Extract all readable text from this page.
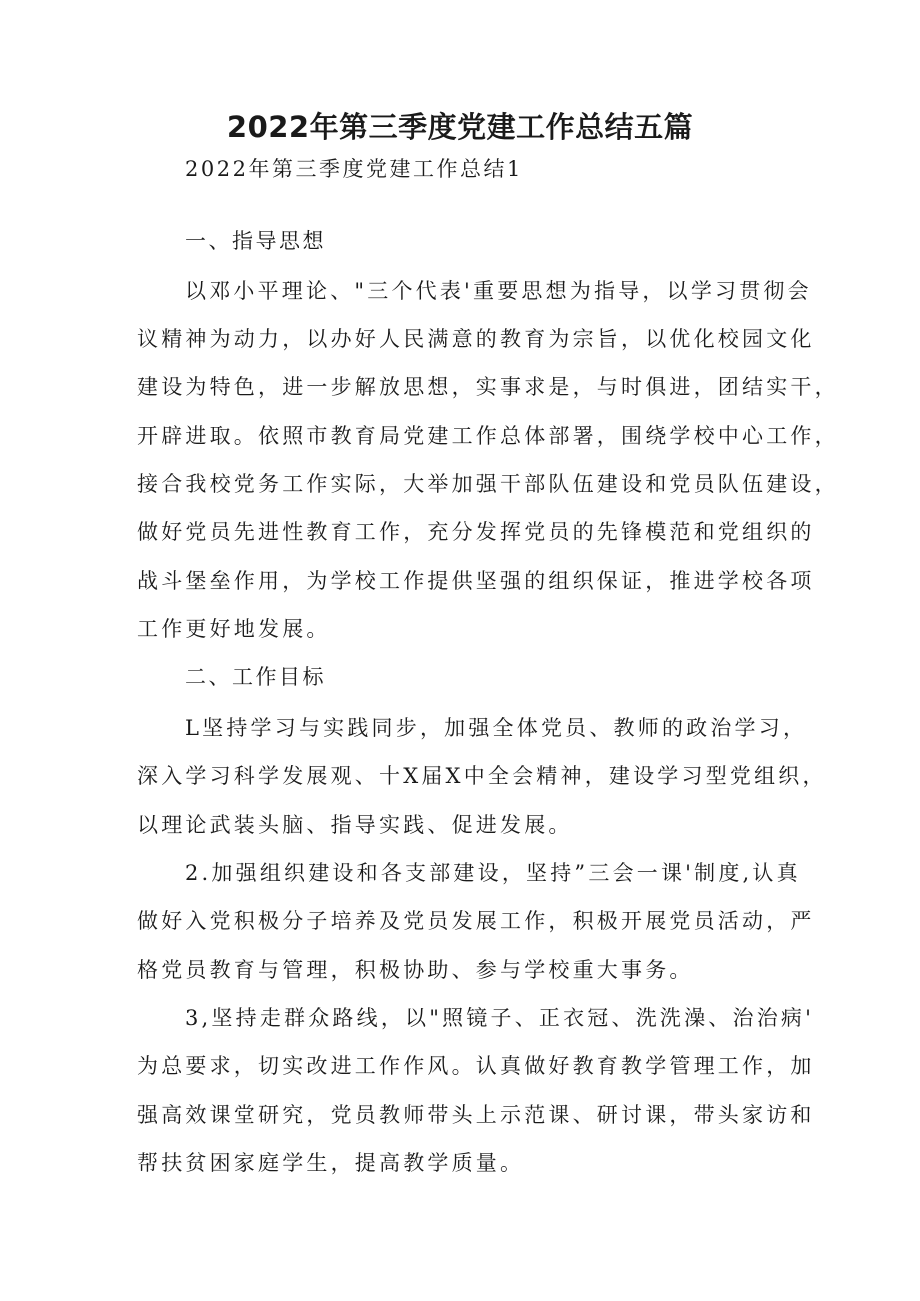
2022年第三季度党建工作总结五篇
2022年第三季度党建工作总结1
一、指导思想
以邓小平理论、"三个代表'重要思想为指导，以学习贯彻会
议精神为动力，以办好人民满意的教育为宗旨，以优化校园文化
建设为特色，进一步解放思想，实事求是，与时俱进，团结实干，
开辟进取。依照市教育局党建工作总体部署，围绕学校中心工作，
接合我校党务工作实际，大举加强干部队伍建设和党员队伍建设，
做好党员先进性教育工作，充分发挥党员的先锋模范和党组织的
战斗堡垒作用，为学校工作提供坚强的组织保证，推进学校各项
工作更好地发展。
二、工作目标
L坚持学习与实践同步，加强全体党员、教师的政治学习，
深入学习科学发展观、十X届X中全会精神，建设学习型党组织，
以理论武装头脑、指导实践、促进发展。
2.加强组织建设和各支部建设，坚持”三会一课'制度,认真
做好入党积极分子培养及党员发展工作，积极开展党员活动，严
格党员教育与管理，积极协助、参与学校重大事务。
3,坚持走群众路线，以"照镜子、正衣冠、洗洗澡、治治病'
为总要求，切实改进工作作风。认真做好教育教学管理工作，加
强高效课堂研究，党员教师带头上示范课、研讨课，带头家访和
帮扶贫困家庭学生，提高教学质量。
